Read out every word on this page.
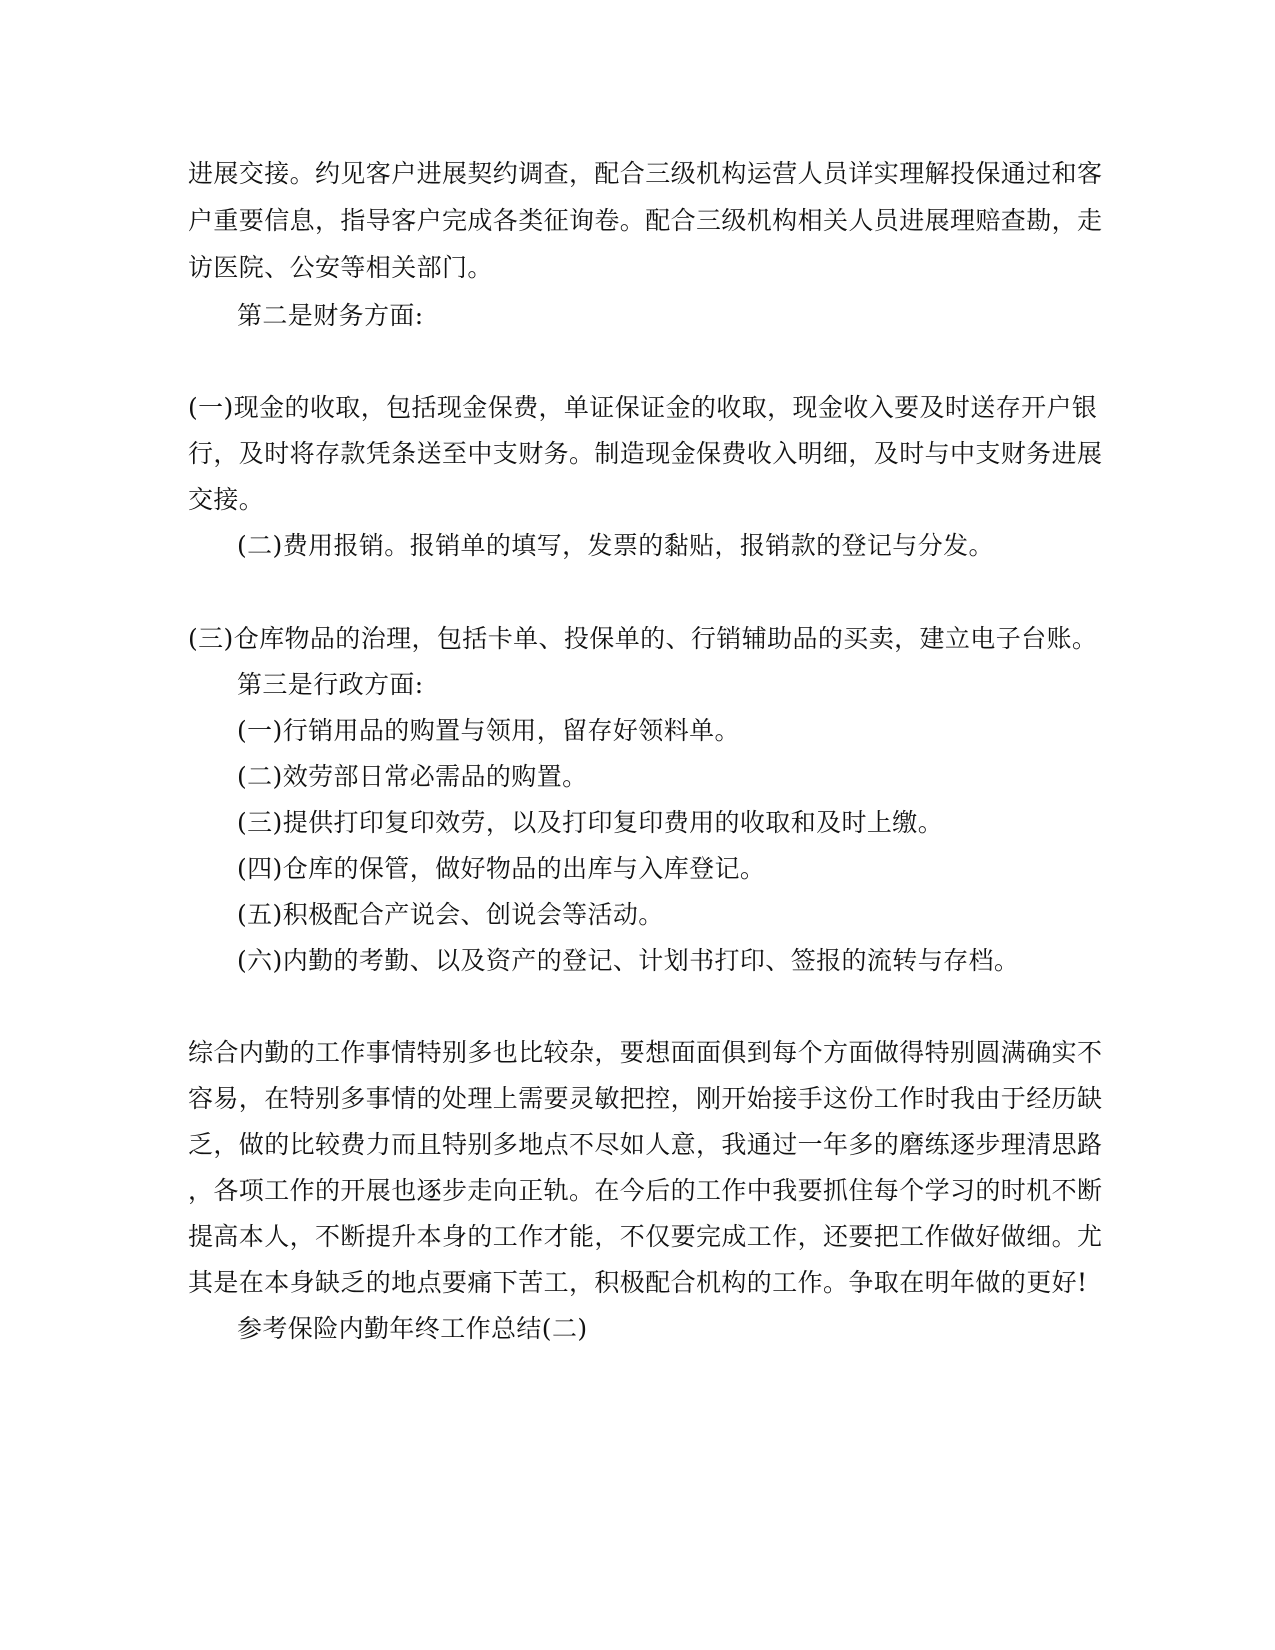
进展交接。约见客户进展契约调查，配合三级机构运营人员详实理解投保通过和客
户重要信息，指导客户完成各类征询卷。配合三级机构相关人员进展理赔查勘，走
访医院、公安等相关部门。
第二是财务方面:
(一)现金的收取，包括现金保费，单证保证金的收取，现金收入要及时送存开户银
行，及时将存款凭条送至中支财务。制造现金保费收入明细，及时与中支财务进展
交接。
(二)费用报销。报销单的填写，发票的黏贴，报销款的登记与分发。
(三)仓库物品的治理，包括卡单、投保单的、行销辅助品的买卖，建立电子台账。
第三是行政方面:
(一)行销用品的购置与领用，留存好领料单。
(二)效劳部日常必需品的购置。
(三)提供打印复印效劳，以及打印复印费用的收取和及时上缴。
(四)仓库的保管，做好物品的出库与入库登记。
(五)积极配合产说会、创说会等活动。
(六)内勤的考勤、以及资产的登记、计划书打印、签报的流转与存档。
综合内勤的工作事情特别多也比较杂，要想面面俱到每个方面做得特别圆满确实不
容易，在特别多事情的处理上需要灵敏把控，刚开始接手这份工作时我由于经历缺
乏，做的比较费力而且特别多地点不尽如人意，我通过一年多的磨练逐步理清思路
，各项工作的开展也逐步走向正轨。在今后的工作中我要抓住每个学习的时机不断
提高本人，不断提升本身的工作才能，不仅要完成工作，还要把工作做好做细。尤
其是在本身缺乏的地点要痛下苦工，积极配合机构的工作。争取在明年做的更好!
参考保险内勤年终工作总结(二)
